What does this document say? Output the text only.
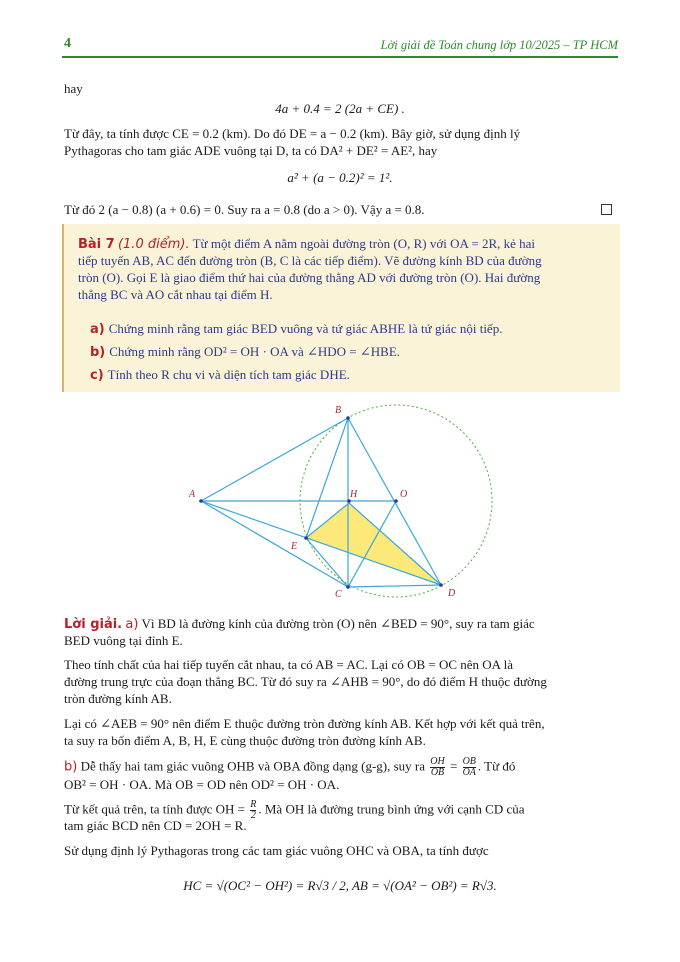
4	Lời giải đề Toán chung lớp 10/2025 – TP HCM
hay
4a + 0.4 = 2 (2a + CE) .
Từ đây, ta tính được CE = 0.2 (km). Do đó DE = a − 0.2 (km). Bây giờ, sử dụng định lý
Pythagoras cho tam giác ADE vuông tại D, ta có DA² + DE² = AE², hay
a² + (a − 0.2)² = 1².
Từ đó 2 (a − 0.8) (a + 0.6) = 0. Suy ra a = 0.8 (do a > 0). Vậy a = 0.8.
Bài 7 (1.0 điểm). Từ một điểm A nằm ngoài đường tròn (O, R) với OA = 2R, kẻ hai
tiếp tuyến AB, AC đến đường tròn (B, C là các tiếp điểm). Vẽ đường kính BD của đường
tròn (O). Gọi E là giao điểm thứ hai của đường thẳng AD với đường tròn (O). Hai đường
thẳng BC và AO cắt nhau tại điểm H.
a) Chứng minh rằng tam giác BED vuông và tứ giác ABHE là tứ giác nội tiếp.
b) Chứng minh rằng OD² = OH · OA và ∠HDO = ∠HBE.
c) Tính theo R chu vi và diện tích tam giác DHE.
B
A	H	O
E
C	D
Lời giải. a) Vì BD là đường kính của đường tròn (O) nên ∠BED = 90°, suy ra tam giác
BED vuông tại đỉnh E.
Theo tính chất của hai tiếp tuyến cắt nhau, ta có AB = AC. Lại có OB = OC nên OA là
đường trung trực của đoạn thẳng BC. Từ đó suy ra ∠AHB = 90°, do đó điểm H thuộc đường
tròn đường kính AB.
Lại có ∠AEB = 90° nên điểm E thuộc đường tròn đường kính AB. Kết hợp với kết quả trên,
ta suy ra bốn điểm A, B, H, E cùng thuộc đường tròn đường kính AB.
b) Dễ thấy hai tam giác vuông OHB và OBA đồng dạng (g-g), suy ra $\frac{OH}{OB} = \frac{OB}{OA}$ . Từ đó
OB² = OH · OA. Mà OB = OD nên OD² = OH · OA.
Từ kết quả trên, ta tính được OH = $\frac{R}{2}$ . Mà OH là đường trung bình ứng với cạnh CD của
tam giác BCD nên CD = 2OH = R.
Sử dụng định lý Pythagoras trong các tam giác vuông OHC và OBA, ta tính được
HC = √(OC² − OH²) = R√3 / 2, AB = √(OA² − OB²) = R√3.
